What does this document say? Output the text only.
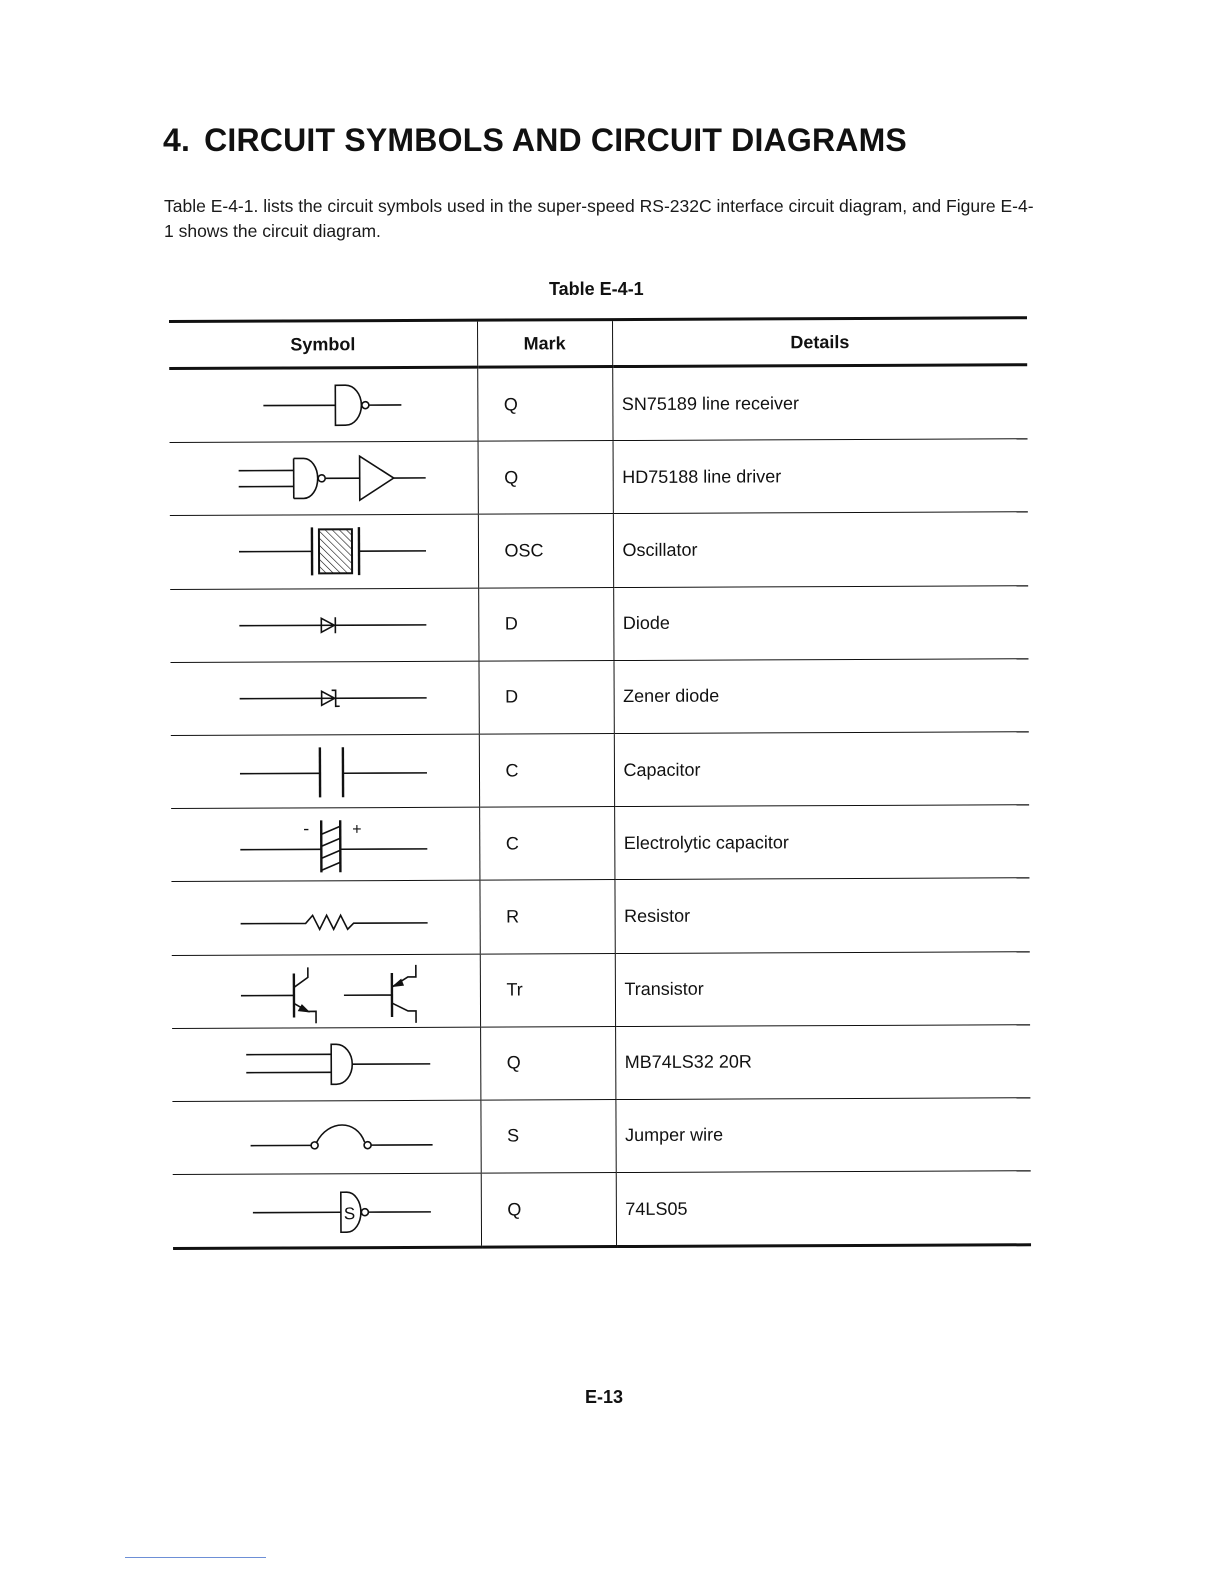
4. CIRCUIT SYMBOLS AND CIRCUIT DIAGRAMS

Table E-4-1. lists the circuit symbols used in the super-speed RS-232C interface circuit diagram, and Figure E-4-1 shows the circuit diagram.

Table E-4-1

Symbol	Mark	Details

	Q	SN75189 line receiver

	Q	HD75188 line driver

	OSC	Oscillator

	D	Diode

	D	Zener diode

	C	Capacitor

- +	C	Electrolytic capacitor

	R	Resistor

	Tr	Transistor

	Q	MB74LS32 20R

	S	Jumper wire

S	Q	74LS05

E-13
